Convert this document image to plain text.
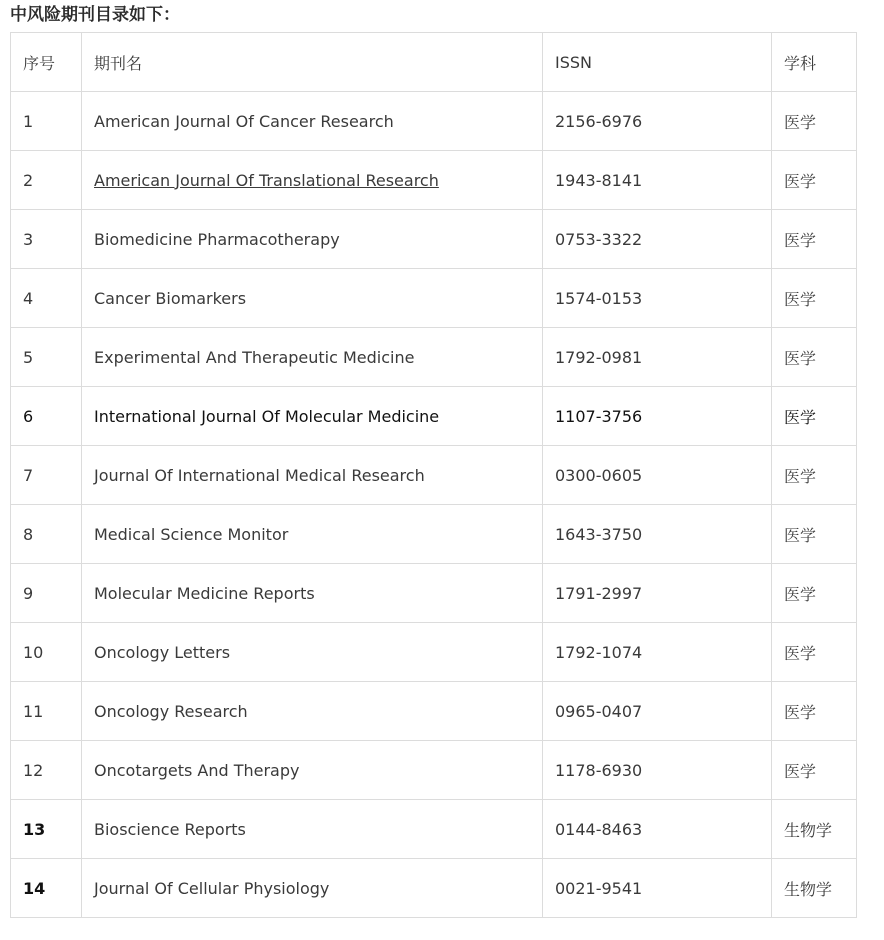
中风险期刊目录如下：
序号	期刊名	ISSN	学科
1	American Journal Of Cancer Research	2156-6976	医学
2	American Journal Of Translational Research	1943-8141	医学
3	Biomedicine Pharmacotherapy	0753-3322	医学
4	Cancer Biomarkers	1574-0153	医学
5	Experimental And Therapeutic Medicine	1792-0981	医学
6	International Journal Of Molecular Medicine	1107-3756	医学
7	Journal Of International Medical Research	0300-0605	医学
8	Medical Science Monitor	1643-3750	医学
9	Molecular Medicine Reports	1791-2997	医学
10	Oncology Letters	1792-1074	医学
11	Oncology Research	0965-0407	医学
12	Oncotargets And Therapy	1178-6930	医学
13	Bioscience Reports	0144-8463	生物学
14	Journal Of Cellular Physiology	0021-9541	生物学
